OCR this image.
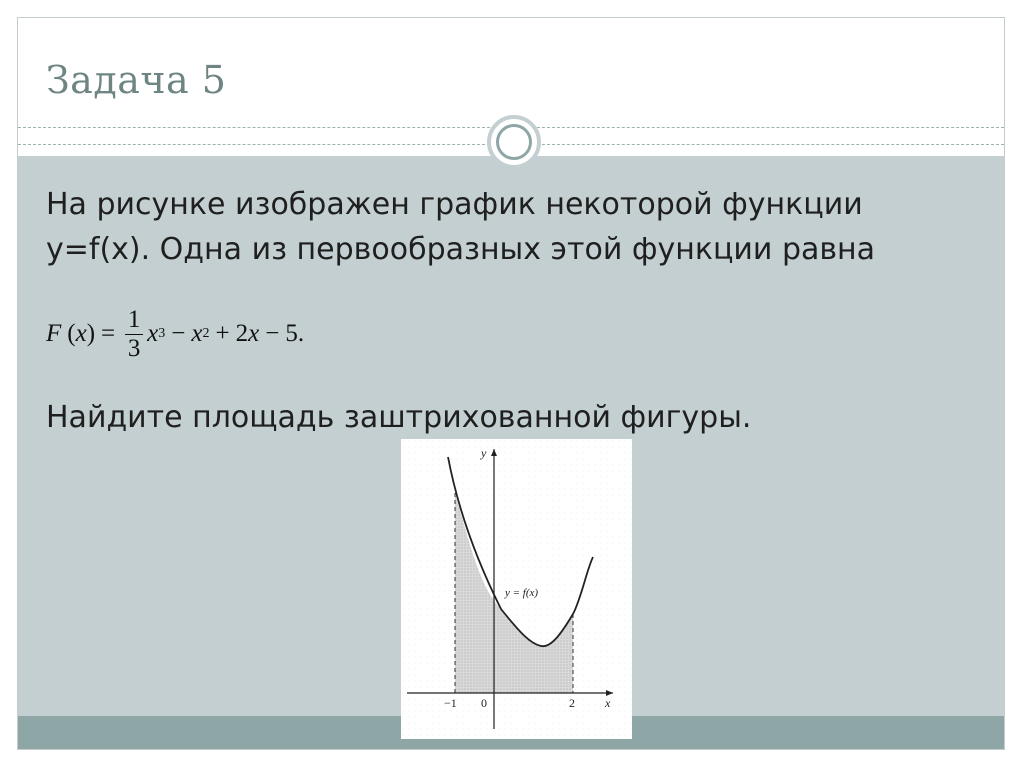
Задача 5
На рисунке изображен график некоторой функции
y=f(x). Одна из первообразных этой функции равна
F ( x ) = $\frac{1}{3}$ x 3 − x 2 + 2 x − 5.
Найдите площадь заштрихованной фигуры.
y
x
y = f(x)
−1 0	2
